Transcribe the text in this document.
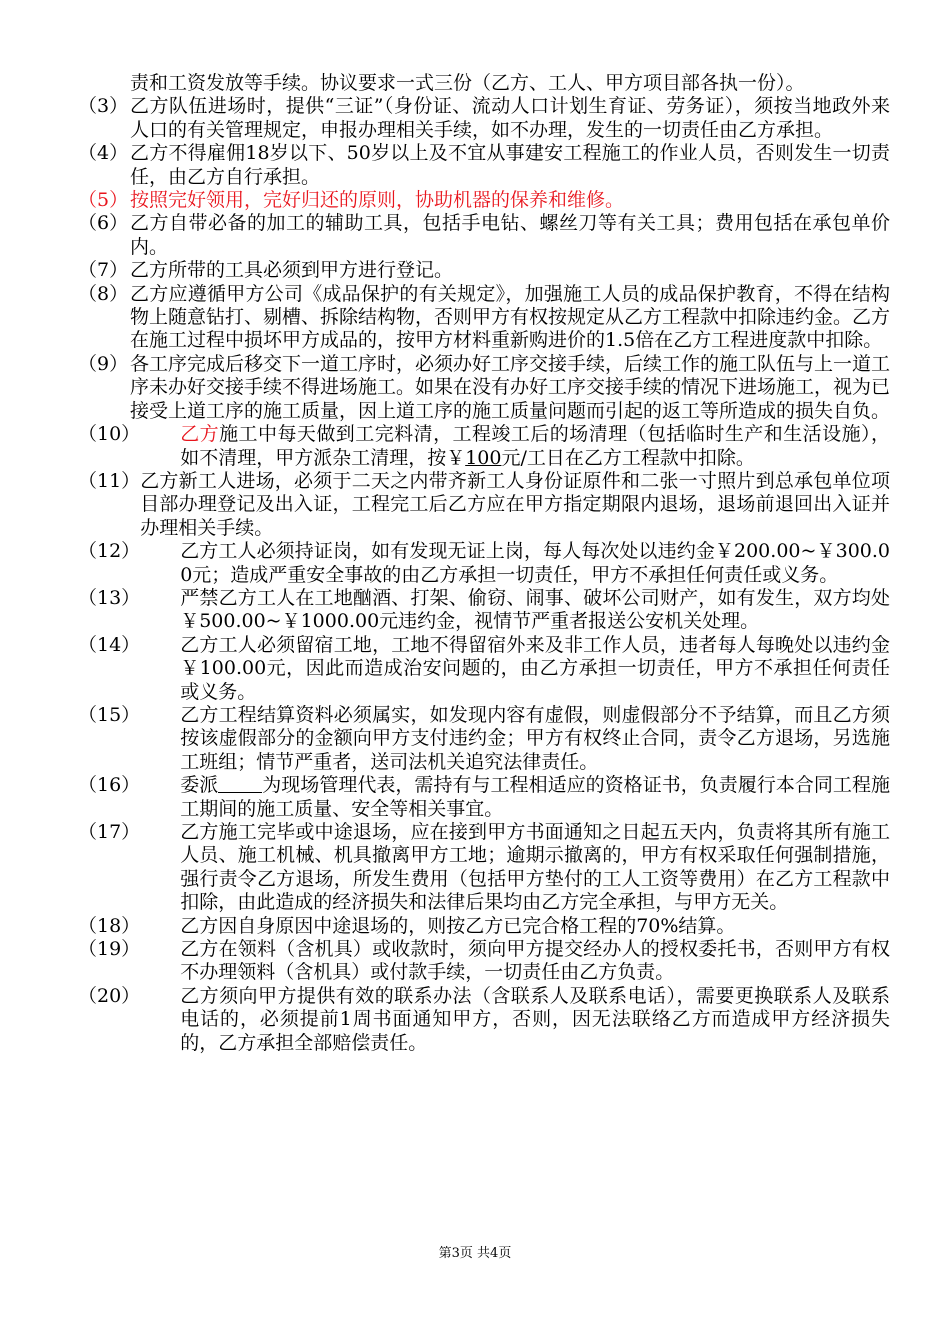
责和工资发放等手续。协议要求一式三份（乙方、工人、甲方项目部各执一份）。
（3） 乙方队伍进场时，提供“三证”（身份证、流动人口计划生育证、劳务证），须按当地政外来人口的有关管理规定，申报办理相关手续，如不办理，发生的一切责任由乙方承担。
（4） 乙方不得雇佣18岁以下、50岁以上及不宜从事建安工程施工的作业人员，否则发生一切责任，由乙方自行承担。
（5） 按照完好领用，完好归还的原则，协助机器的保养和维修。
（6） 乙方自带必备的加工的辅助工具，包括手电钻、螺丝刀等有关工具；费用包括在承包单价内。
（7） 乙方所带的工具必须到甲方进行登记。
（8） 乙方应遵循甲方公司《成品保护的有关规定》，加强施工人员的成品保护教育，不得在结构物上随意钻打、剔槽、拆除结构物，否则甲方有权按规定从乙方工程款中扣除违约金。乙方在施工过程中损坏甲方成品的，按甲方材料重新购进价的1.5倍在乙方工程进度款中扣除。
（9） 各工序完成后移交下一道工序时，必须办好工序交接手续，后续工作的施工队伍与上一道工序未办好交接手续不得进场施工。如果在没有办好工序交接手续的情况下进场施工，视为已接受上道工序的施工质量，因上道工序的施工质量问题而引起的返工等所造成的损失自负。
（10）	乙方施工中每天做到工完料清，工程竣工后的场清理（包括临时生产和生活设施），如不清理，甲方派杂工清理，按￥100元/工日在乙方工程款中扣除。
（11） 乙方新工人进场，必须于二天之内带齐新工人身份证原件和二张一寸照片到总承包单位项目部办理登记及出入证，工程完工后乙方应在甲方指定期限内退场，退场前退回出入证并办理相关手续。
（12）	乙方工人必须持证岗，如有发现无证上岗，每人每次处以违约金￥200.00~￥300.00元；造成严重安全事故的由乙方承担一切责任，甲方不承担任何责任或义务。
（13）	严禁乙方工人在工地酗酒、打架、偷窃、闹事、破坏公司财产，如有发生，双方均处￥500.00~￥1000.00元违约金，视情节严重者报送公安机关处理。
（14）	乙方工人必须留宿工地，工地不得留宿外来及非工作人员，违者每人每晚处以违约金￥100.00元，因此而造成治安问题的，由乙方承担一切责任，甲方不承担任何责任或义务。
（15）	乙方工程结算资料必须属实，如发现内容有虚假，则虚假部分不予结算，而且乙方须按该虚假部分的金额向甲方支付违约金；甲方有权终止合同，责令乙方退场，另选施工班组；情节严重者，送司法机关追究法律责任。
（16）	委派 为现场管理代表，需持有与工程相适应的资格证书，负责履行本合同工程施工期间的施工质量、安全等相关事宜。
（17）	乙方施工完毕或中途退场，应在接到甲方书面通知之日起五天内，负责将其所有施工人员、施工机械、机具撤离甲方工地；逾期示撤离的，甲方有权采取任何强制措施，强行责令乙方退场，所发生费用（包括甲方垫付的工人工资等费用）在乙方工程款中扣除，由此造成的经济损失和法律后果均由乙方完全承担，与甲方无关。
（18）	乙方因自身原因中途退场的，则按乙方已完合格工程的70%结算。
（19）	乙方在领料（含机具）或收款时，须向甲方提交经办人的授权委托书，否则甲方有权不办理领料（含机具）或付款手续，一切责任由乙方负责。
（20）	乙方须向甲方提供有效的联系办法（含联系人及联系电话），需要更换联系人及联系电话的，必须提前1周书面通知甲方，否则，因无法联络乙方而造成甲方经济损失的，乙方承担全部赔偿责任。
第3页 共4页
